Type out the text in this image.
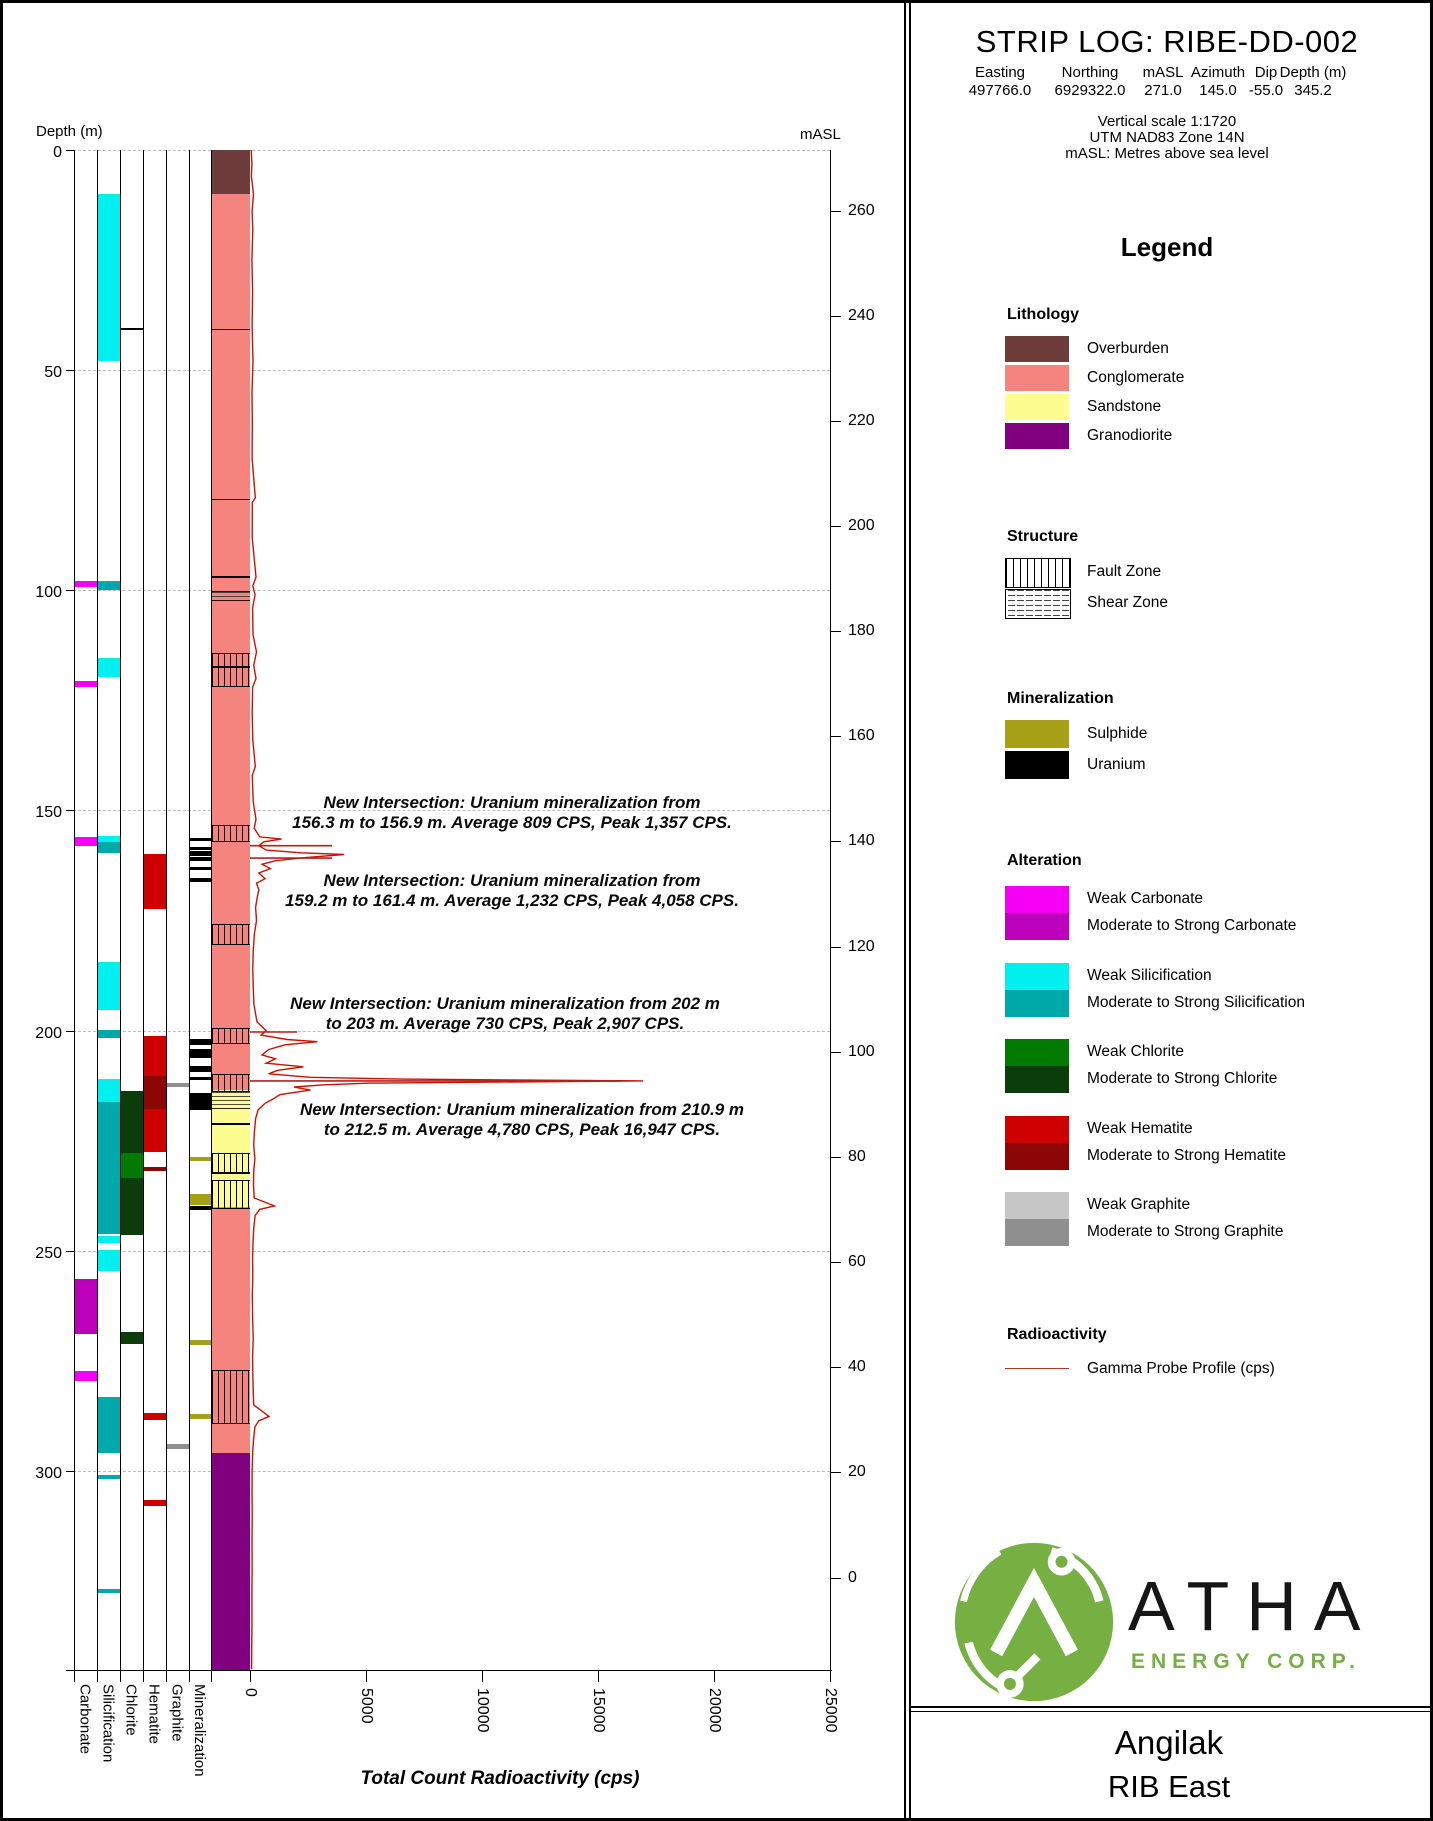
Depth (m)	mASL
0
50
100
150
200
250
300
260
240
220
200
180
160
140
120
100
80
60
40
20
0
0	5000	10000	15000	20000	25000
Carbonate Silicification Chlorite Hematite Graphite Mineralization
New Intersection: Uranium mineralization from
156.3 m to 156.9 m. Average 809 CPS, Peak 1,357 CPS.
New Intersection: Uranium mineralization from
159.2 m to 161.4 m. Average 1,232 CPS, Peak 4,058 CPS.
New Intersection: Uranium mineralization from 202 m
to 203 m. Average 730 CPS, Peak 2,907 CPS.
New Intersection: Uranium mineralization from 210.9 m
to 212.5 m. Average 4,780 CPS, Peak 16,947 CPS.
Total Count Radioactivity (cps)
STRIP LOG: RIBE-DD-002
Easting
497766.0
Northing
6929322.0
mASL
271.0
Azimuth
145.0
Dip
-55.0
Depth (m)
345.2
Vertical scale 1:1720
UTM NAD83 Zone 14N
mASL: Metres above sea level
Legend
Lithology
Overburden
Conglomerate
Sandstone
Granodiorite
Structure
Fault Zone
Shear Zone
Mineralization
Sulphide
Uranium
Alteration
Weak Carbonate
Moderate to Strong Carbonate
Weak Silicification
Moderate to Strong Silicification
Weak Chlorite
Moderate to Strong Chlorite
Weak Hematite
Moderate to Strong Hematite
Weak Graphite
Moderate to Strong Graphite
Radioactivity
Gamma Probe Profile (cps)
ATHA
ENERGY CORP.
Angilak
RIB East
